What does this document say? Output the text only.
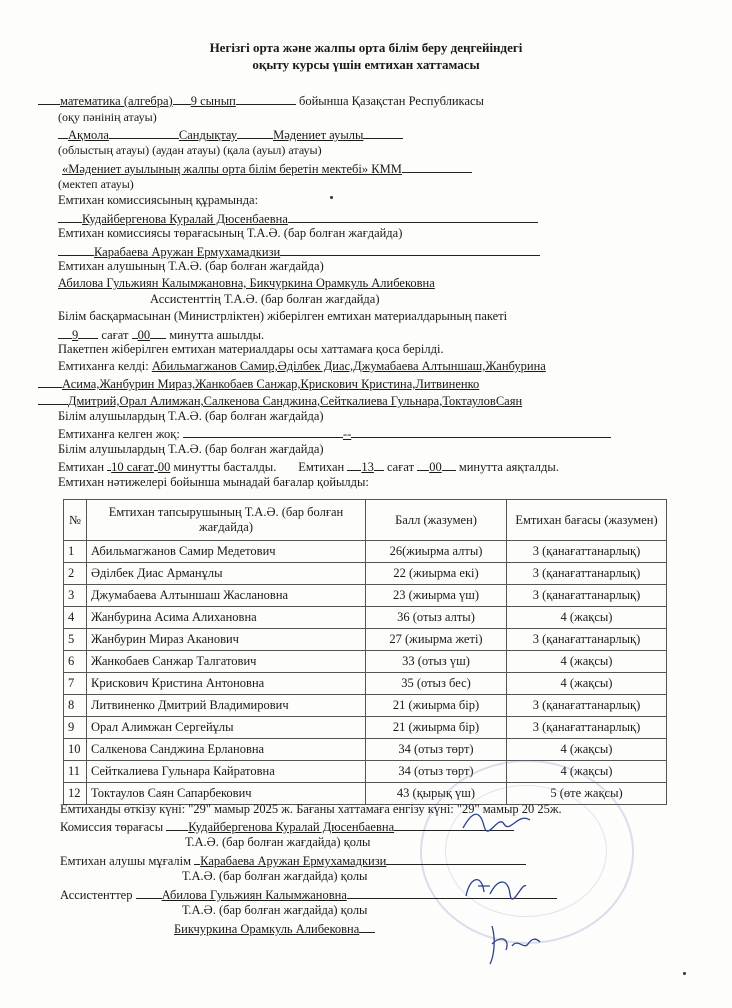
Негізгі орта және жалпы орта білім беру деңгейіндегі
оқыту курсы үшін емтихан хаттамасы
математика (алгебра) 9 сынып	бойынша Қазақстан Республикасы
(оқу пәнінің атауы)
Ақмола	Сандықтау	Мәдениет ауылы
(облыстың атауы) (аудан атауы) (қала (ауыл) атауы)
«Мәдениет ауылының жалпы орта білім беретін мектебі» КММ
(мектеп атауы)
Емтихан комиссиясының құрамында:
Кудайбергенова Куралай Дюсенбаевна
Емтихан комиссиясы төрағасының Т.А.Ә. (бар болған жағдайда)
Карабаева Аружан Ермухамадкизи
Емтихан алушының Т.А.Ә. (бар болған жағдайда)
Абилова Гульжиян Калымжановна, Бикчуркина Орамкуль Алибековна
Ассистенттің Т.А.Ә. (бар болған жағдайда)
Білім басқармасынан (Министрліктен) жіберілген емтихан материалдарының пакеті
9 сағат 00 минутта ашылды.
Пакетпен жіберілген емтихан материалдары осы хаттамаға қоса берілді.
Емтиханға келді: Абильмагжанов Самир,Әділбек Диас,Джумабаева Алтыншаш,Жанбурина
Асима,Жанбурин Мираз,Жанкобаев Санжар,Крискович Кристина,Литвиненко
Дмитрий,Орал Алимжан,Салкенова Санджина,Сейткалиева Гульнара,ТоктауловСаян
Білім алушылардың Т.А.Ә. (бар болған жағдайда)
Емтиханға келген жоқ:	--
Білім алушылардың Т.А.Ә. (бар болған жағдайда)
Емтихан 10 сағат 00 минутты басталды. Емтихан 13 сағат 00 минутта аяқталды.
Емтихан нәтижелері бойынша мынадай бағалар қойылды:
№	Емтихан тапсырушының Т.А.Ә. (бар болған жағдайда)	Балл (жазумен)	Емтихан бағасы (жазумен)
1	Абильмагжанов Самир Медетович	26(жиырма алты)	3 (қанағаттанарлық)
2	Әділбек Диас Арманұлы	22 (жиырма екі)	3 (қанағаттанарлық)
3	Джумабаева Алтыншаш Жаслановна	23 (жиырма үш)	3 (қанағаттанарлық)
4	Жанбурина Асима Алихановна	36 (отыз алты)	4 (жақсы)
5	Жанбурин Мираз Аканович	27 (жиырма жеті)	3 (қанағаттанарлық)
6	Жанкобаев Санжар Талгатович	33 (отыз үш)	4 (жақсы)
7	Крискович Кристина Антоновна	35 (отыз бес)	4 (жақсы)
8	Литвиненко Дмитрий Владимирович	21 (жиырма бір)	3 (қанағаттанарлық)
9	Орал Алимжан Сергейұлы	21 (жиырма бір)	3 (қанағаттанарлық)
10	Салкенова Санджина Ерлановна	34 (отыз төрт)	4 (жақсы)
11	Сейткалиева Гульнара Кайратовна	34 (отыз төрт)	4 (жақсы)
12	Токтаулов Саян Сапарбекович	43 (қырық үш)	5 (өте жақсы)
Емтиханды өткізу күні: "29" мамыр 2025 ж. Бағаны хаттамаға енгізу күні: "29" мамыр 20 25ж.
Комиссия төрағасы Кудайбергенова Куралай Дюсенбаевна
Т.А.Ә. (бар болған жағдайда) қолы
Емтихан алушы мұғалім Карабаева Аружан Ермухамадкизи
Т.А.Ә. (бар болған жағдайда) қолы
Ассистенттер Абилова Гульжиян Калымжановна
Т.А.Ә. (бар болған жағдайда) қолы
Бикчуркина Орамкуль Алибековна
